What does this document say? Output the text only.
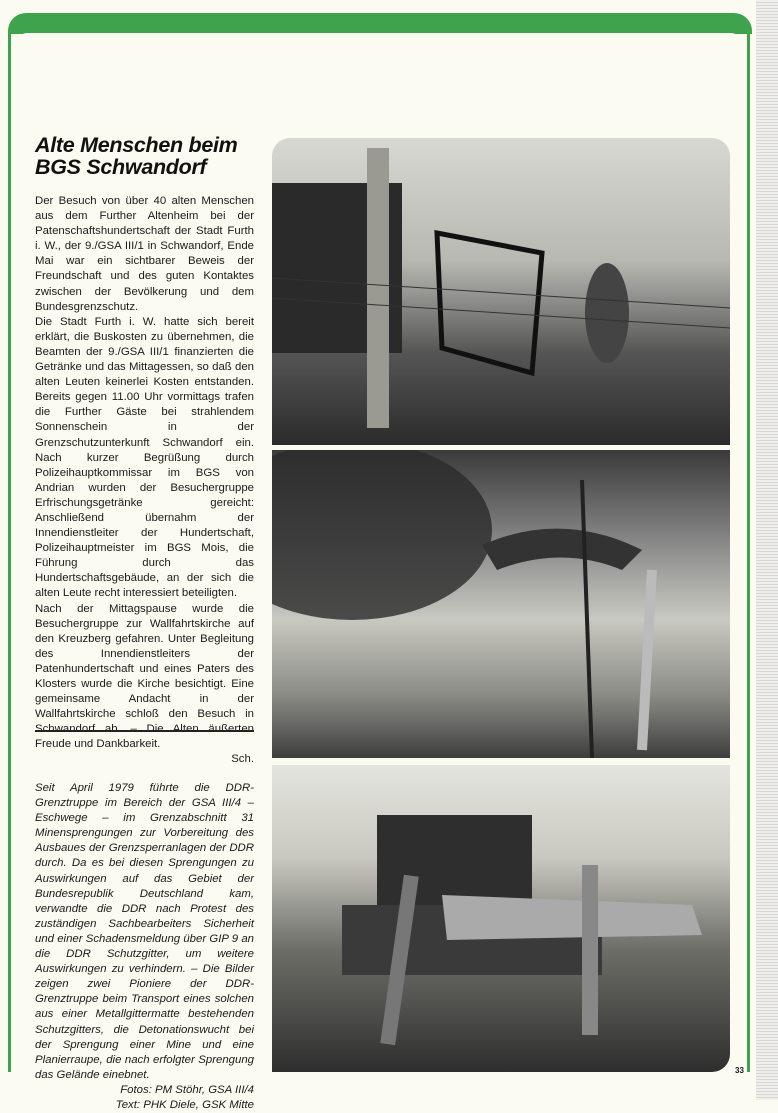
Alte Menschen beim
BGS Schwandorf

Der Besuch von über 40 alten Menschen aus dem Further Altenheim bei der Patenschaftshundertschaft der Stadt Furth i. W., der 9./GSA III/1 in Schwandorf, Ende Mai war ein sichtbarer Beweis der Freundschaft und des guten Kontaktes zwischen der Bevölkerung und dem Bundesgrenzschutz.

Die Stadt Furth i. W. hatte sich bereit erklärt, die Buskosten zu übernehmen, die Beamten der 9./GSA III/1 finanzierten die Getränke und das Mittagessen, so daß den alten Leuten keinerlei Kosten entstanden. Bereits gegen 11.00 Uhr vormittags trafen die Further Gäste bei strahlendem Sonnenschein in der Grenzschutzunterkunft Schwandorf ein. Nach kurzer Begrüßung durch Polizeihauptkommissar im BGS von Andrian wurden der Besuchergruppe Erfrischungsgetränke gereicht: Anschließend übernahm der Innendienstleiter der Hundertschaft, Polizeihauptmeister im BGS Mois, die Führung durch das Hundertschaftsgebäude, an der sich die alten Leute recht interessiert beteiligten.

Nach der Mittagspause wurde die Besuchergruppe zur Wallfahrtskirche auf den Kreuzberg gefahren. Unter Begleitung des Innendienstleiters der Patenhundertschaft und eines Paters des Klosters wurde die Kirche besichtigt. Eine gemeinsame Andacht in der Wallfahrtskirche schloß den Besuch in Freude und Dankbarkeit.

Sch.

Seit April 1979 führte die DDR-Grenztruppe im Bereich der GSA III/4 – Eschwege – im Grenzabschnitt 31 Minensprengungen zur Vorbereitung des Ausbaues der Grenzsperranlagen der DDR durch. Da es bei diesen Sprengungen zu Auswirkungen auf das Gebiet der Bundesrepublik Deutschland kam, verwandte die DDR nach Protest des zuständigen Sachbearbeiters Sicherheit und einer Schadensmeldung über GIP 9 an die DDR Schutzgitter, um weitere Auswirkungen zu verhindern. – Die Bilder zeigen zwei Pioniere der DDR-Grenztruppe beim Transport eines solchen aus einer Metallgittermatte bestehenden Schutzgitters, die Detonationswucht bei der Sprengung einer Mine und eine Planierraupe, die nach erfolgter Sprengung das Gelände einebnet.

Fotos: PM Stöhr, GSA III/4

Text: PHK Diele, GSK Mitte

33
